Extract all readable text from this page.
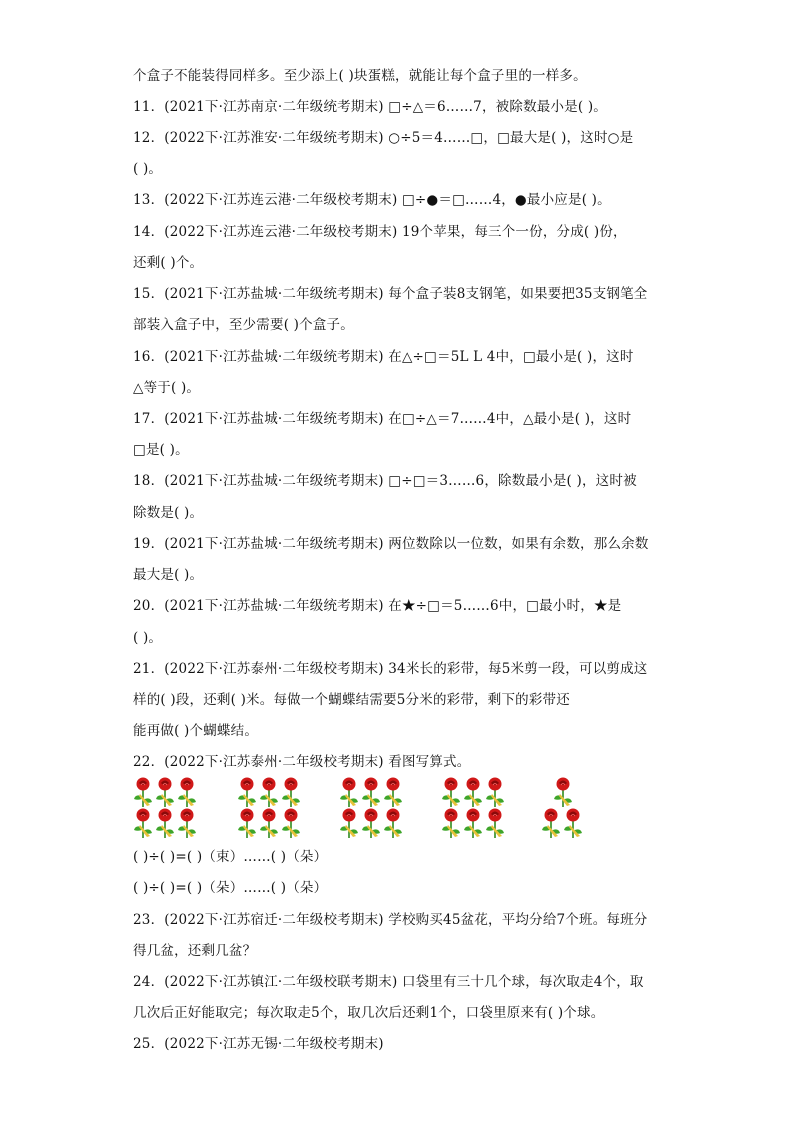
个盒子不能装得同样多。至少添上( )块蛋糕，就能让每个盒子里的一样多。
11．(2021下·江苏南京·二年级统考期末) □÷△＝6……7，被除数最小是( )。
12．(2022下·江苏淮安·二年级统考期末) ○÷5＝4……□，□最大是( )，这时○是
( )。
13．(2022下·江苏连云港·二年级校考期末) □÷●＝□……4，●最小应是( )。
14．(2022下·江苏连云港·二年级校考期末) 19个苹果，每三个一份，分成( )份，
还剩( )个。
15．(2021下·江苏盐城·二年级统考期末) 每个盒子装8支钢笔，如果要把35支钢笔全
部装入盒子中，至少需要( )个盒子。
16．(2021下·江苏盐城·二年级统考期末) 在△÷□＝5L L 4中，□最小是( )，这时
△等于( )。
17．(2021下·江苏盐城·二年级统考期末) 在□÷△＝7……4中，△最小是( )，这时
□是( )。
18．(2021下·江苏盐城·二年级统考期末) □÷□＝3……6，除数最小是( )，这时被
除数是( )。
19．(2021下·江苏盐城·二年级统考期末) 两位数除以一位数，如果有余数，那么余数
最大是( )。
20．(2021下·江苏盐城·二年级统考期末) 在★÷□＝5……6中，□最小时，★是
( )。
21．(2022下·江苏泰州·二年级校考期末) 34米长的彩带，每5米剪一段，可以剪成这
样的( )段，还剩( )米。每做一个蝴蝶结需要5分米的彩带，剩下的彩带还
能再做( )个蝴蝶结。
22．(2022下·江苏泰州·二年级校考期末) 看图写算式。
( )÷( )=( )（束）……( )（朵）
( )÷( )=( )（朵）……( )（朵）
23．(2022下·江苏宿迁·二年级校考期末) 学校购买45盆花，平均分给7个班。每班分
得几盆，还剩几盆？
24．(2022下·江苏镇江·二年级校联考期末) 口袋里有三十几个球，每次取走4个，取
几次后正好能取完；每次取走5个，取几次后还剩1个，口袋里原来有( )个球。
25．(2022下·江苏无锡·二年级校考期末)
